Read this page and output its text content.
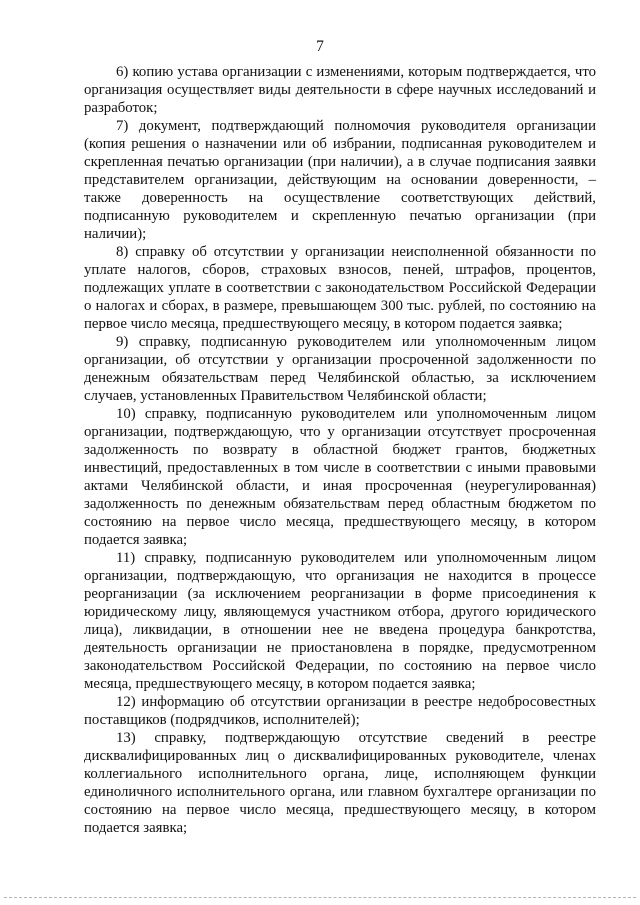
7

6) копию устава организации с изменениями, которым подтверждается, что организация осуществляет виды деятельности в сфере научных исследований и разработок;

7) документ, подтверждающий полномочия руководителя организации (копия решения о назначении или об избрании, подписанная руководителем и скрепленная печатью организации (при наличии), а в случае подписания заявки представителем организации, действующим на основании доверенности, – также доверенность на осуществление соответствующих действий, подписанную руководителем и скрепленную печатью организации (при наличии);

8) справку об отсутствии у организации неисполненной обязанности по уплате налогов, сборов, страховых взносов, пеней, штрафов, процентов, подлежащих уплате в соответствии с законодательством Российской Федерации о налогах и сборах, в размере, превышающем 300 тыс. рублей, по состоянию на первое число месяца, предшествующего месяцу, в котором подается заявка;

9) справку, подписанную руководителем или уполномоченным лицом организации, об отсутствии у организации просроченной задолженности по денежным обязательствам перед Челябинской областью, за исключением случаев, установленных Правительством Челябинской области;

10) справку, подписанную руководителем или уполномоченным лицом организации, подтверждающую, что у организации отсутствует просроченная задолженность по возврату в областной бюджет грантов, бюджетных инвестиций, предоставленных в том числе в соответствии с иными правовыми актами Челябинской области, и иная просроченная (неурегулированная) задолженность по денежным обязательствам перед областным бюджетом по состоянию на первое число месяца, предшествующего месяцу, в котором подается заявка;

11) справку, подписанную руководителем или уполномоченным лицом организации, подтверждающую, что организация не находится в процессе реорганизации (за исключением реорганизации в форме присоединения к юридическому лицу, являющемуся участником отбора, другого юридического лица), ликвидации, в отношении нее не введена процедура банкротства, деятельность организации не приостановлена в порядке, предусмотренном законодательством Российской Федерации, по состоянию на первое число месяца, предшествующего месяцу, в котором подается заявка;

12) информацию об отсутствии организации в реестре недобросовестных поставщиков (подрядчиков, исполнителей);

13) справку, подтверждающую отсутствие сведений в реестре дисквалифицированных лиц о дисквалифицированных руководителе, членах коллегиального исполнительного органа, лице, исполняющем функции единоличного исполнительного органа, или главном бухгалтере организации по состоянию на первое число месяца, предшествующего месяцу, в котором подается заявка;
